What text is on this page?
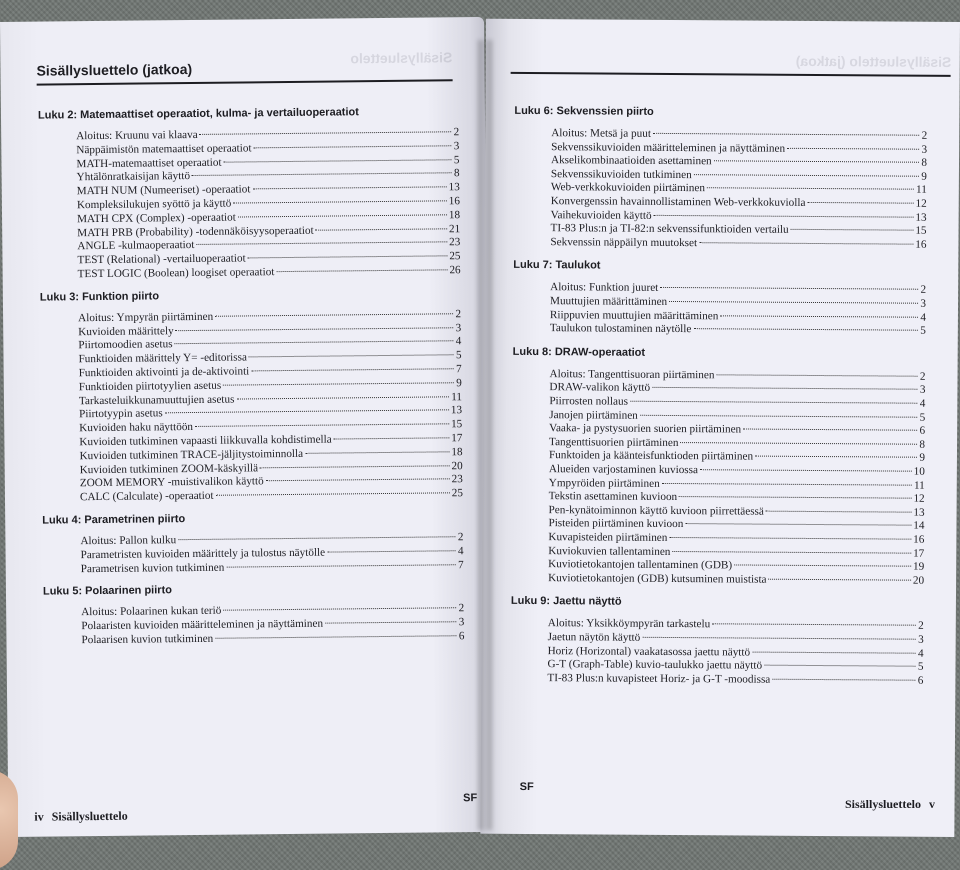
Sisällysluettelo
Sisällysluettelo (jatkoa)
Luku 2: Matemaattiset operaatiot, kulma- ja vertailuoperaatiot
Aloitus: Kruunu vai klaava	2
Näppäimistön matemaattiset operaatiot	3
MATH-matemaattiset operaatiot	5
Yhtälönratkaisijan käyttö	8
MATH NUM (Numeeriset) -operaatiot	13
Kompleksilukujen syöttö ja käyttö	16
MATH CPX (Complex) -operaatiot	18
MATH PRB (Probability) -todennäköisyysoperaatiot	21
ANGLE -kulmaoperaatiot	23
TEST (Relational) -vertailuoperaatiot	25
TEST LOGIC (Boolean) loogiset operaatiot	26
Luku 3: Funktion piirto
Aloitus: Ympyrän piirtäminen	2
Kuvioiden määrittely	3
Piirtomoodien asetus	4
Funktioiden määrittely Y= -editorissa	5
Funktioiden aktivointi ja de-aktivointi	7
Funktioiden piirtotyylien asetus	9
Tarkasteluikkunamuuttujien asetus	11
Piirtotyypin asetus	13
Kuvioiden haku näyttöön	15
Kuvioiden tutkiminen vapaasti liikkuvalla kohdistimella	17
Kuvioiden tutkiminen TRACE-jäljitystoiminnolla	18
Kuvioiden tutkiminen ZOOM-käskyillä	20
ZOOM MEMORY -muistivalikon käyttö	23
CALC (Calculate) -operaatiot	25
Luku 4: Parametrinen piirto
Aloitus: Pallon kulku	2
Parametristen kuvioiden määrittely ja tulostus näytölle	4
Parametrisen kuvion tutkiminen	7
Luku 5: Polaarinen piirto
Aloitus: Polaarinen kukan teriö	2
Polaaristen kuvioiden määritteleminen ja näyttäminen	3
Polaarisen kuvion tutkiminen	6
SF
iv Sisällysluettelo
Sisällysluettelo (jatkoa)
Luku 6: Sekvenssien piirto
Aloitus: Metsä ja puut	2
Sekvenssikuvioiden määritteleminen ja näyttäminen	3
Akselikombinaatioiden asettaminen	8
Sekvenssikuvioiden tutkiminen	9
Web-verkkokuvioiden piirtäminen	11
Konvergenssin havainnollistaminen Web-verkkokuviolla	12
Vaihekuvioiden käyttö	13
TI-83 Plus:n ja TI-82:n sekvenssifunktioiden vertailu	15
Sekvenssin näppäilyn muutokset	16
Luku 7: Taulukot
Aloitus: Funktion juuret	2
Muuttujien määrittäminen	3
Riippuvien muuttujien määrittäminen	4
Taulukon tulostaminen näytölle	5
Luku 8: DRAW-operaatiot
Aloitus: Tangenttisuoran piirtäminen	2
DRAW-valikon käyttö	3
Piirrosten nollaus	4
Janojen piirtäminen	5
Vaaka- ja pystysuorien suorien piirtäminen	6
Tangenttisuorien piirtäminen	8
Funktoiden ja käänteisfunktioden piirtäminen	9
Alueiden varjostaminen kuviossa	10
Ympyröiden piirtäminen	11
Tekstin asettaminen kuvioon	12
Pen-kynätoiminnon käyttö kuvioon piirrettäessä	13
Pisteiden piirtäminen kuvioon	14
Kuvapisteiden piirtäminen	16
Kuviokuvien tallentaminen	17
Kuviotietokantojen tallentaminen (GDB)	19
Kuviotietokantojen (GDB) kutsuminen muistista	20
Luku 9: Jaettu näyttö
Aloitus: Yksikköympyrän tarkastelu	2
Jaetun näytön käyttö	3
Horiz (Horizontal) vaakatasossa jaettu näyttö	4
G-T (Graph-Table) kuvio-taulukko jaettu näyttö	5
TI-83 Plus:n kuvapisteet Horiz- ja G-T -moodissa	6
SF
Sisällysluettelo v
